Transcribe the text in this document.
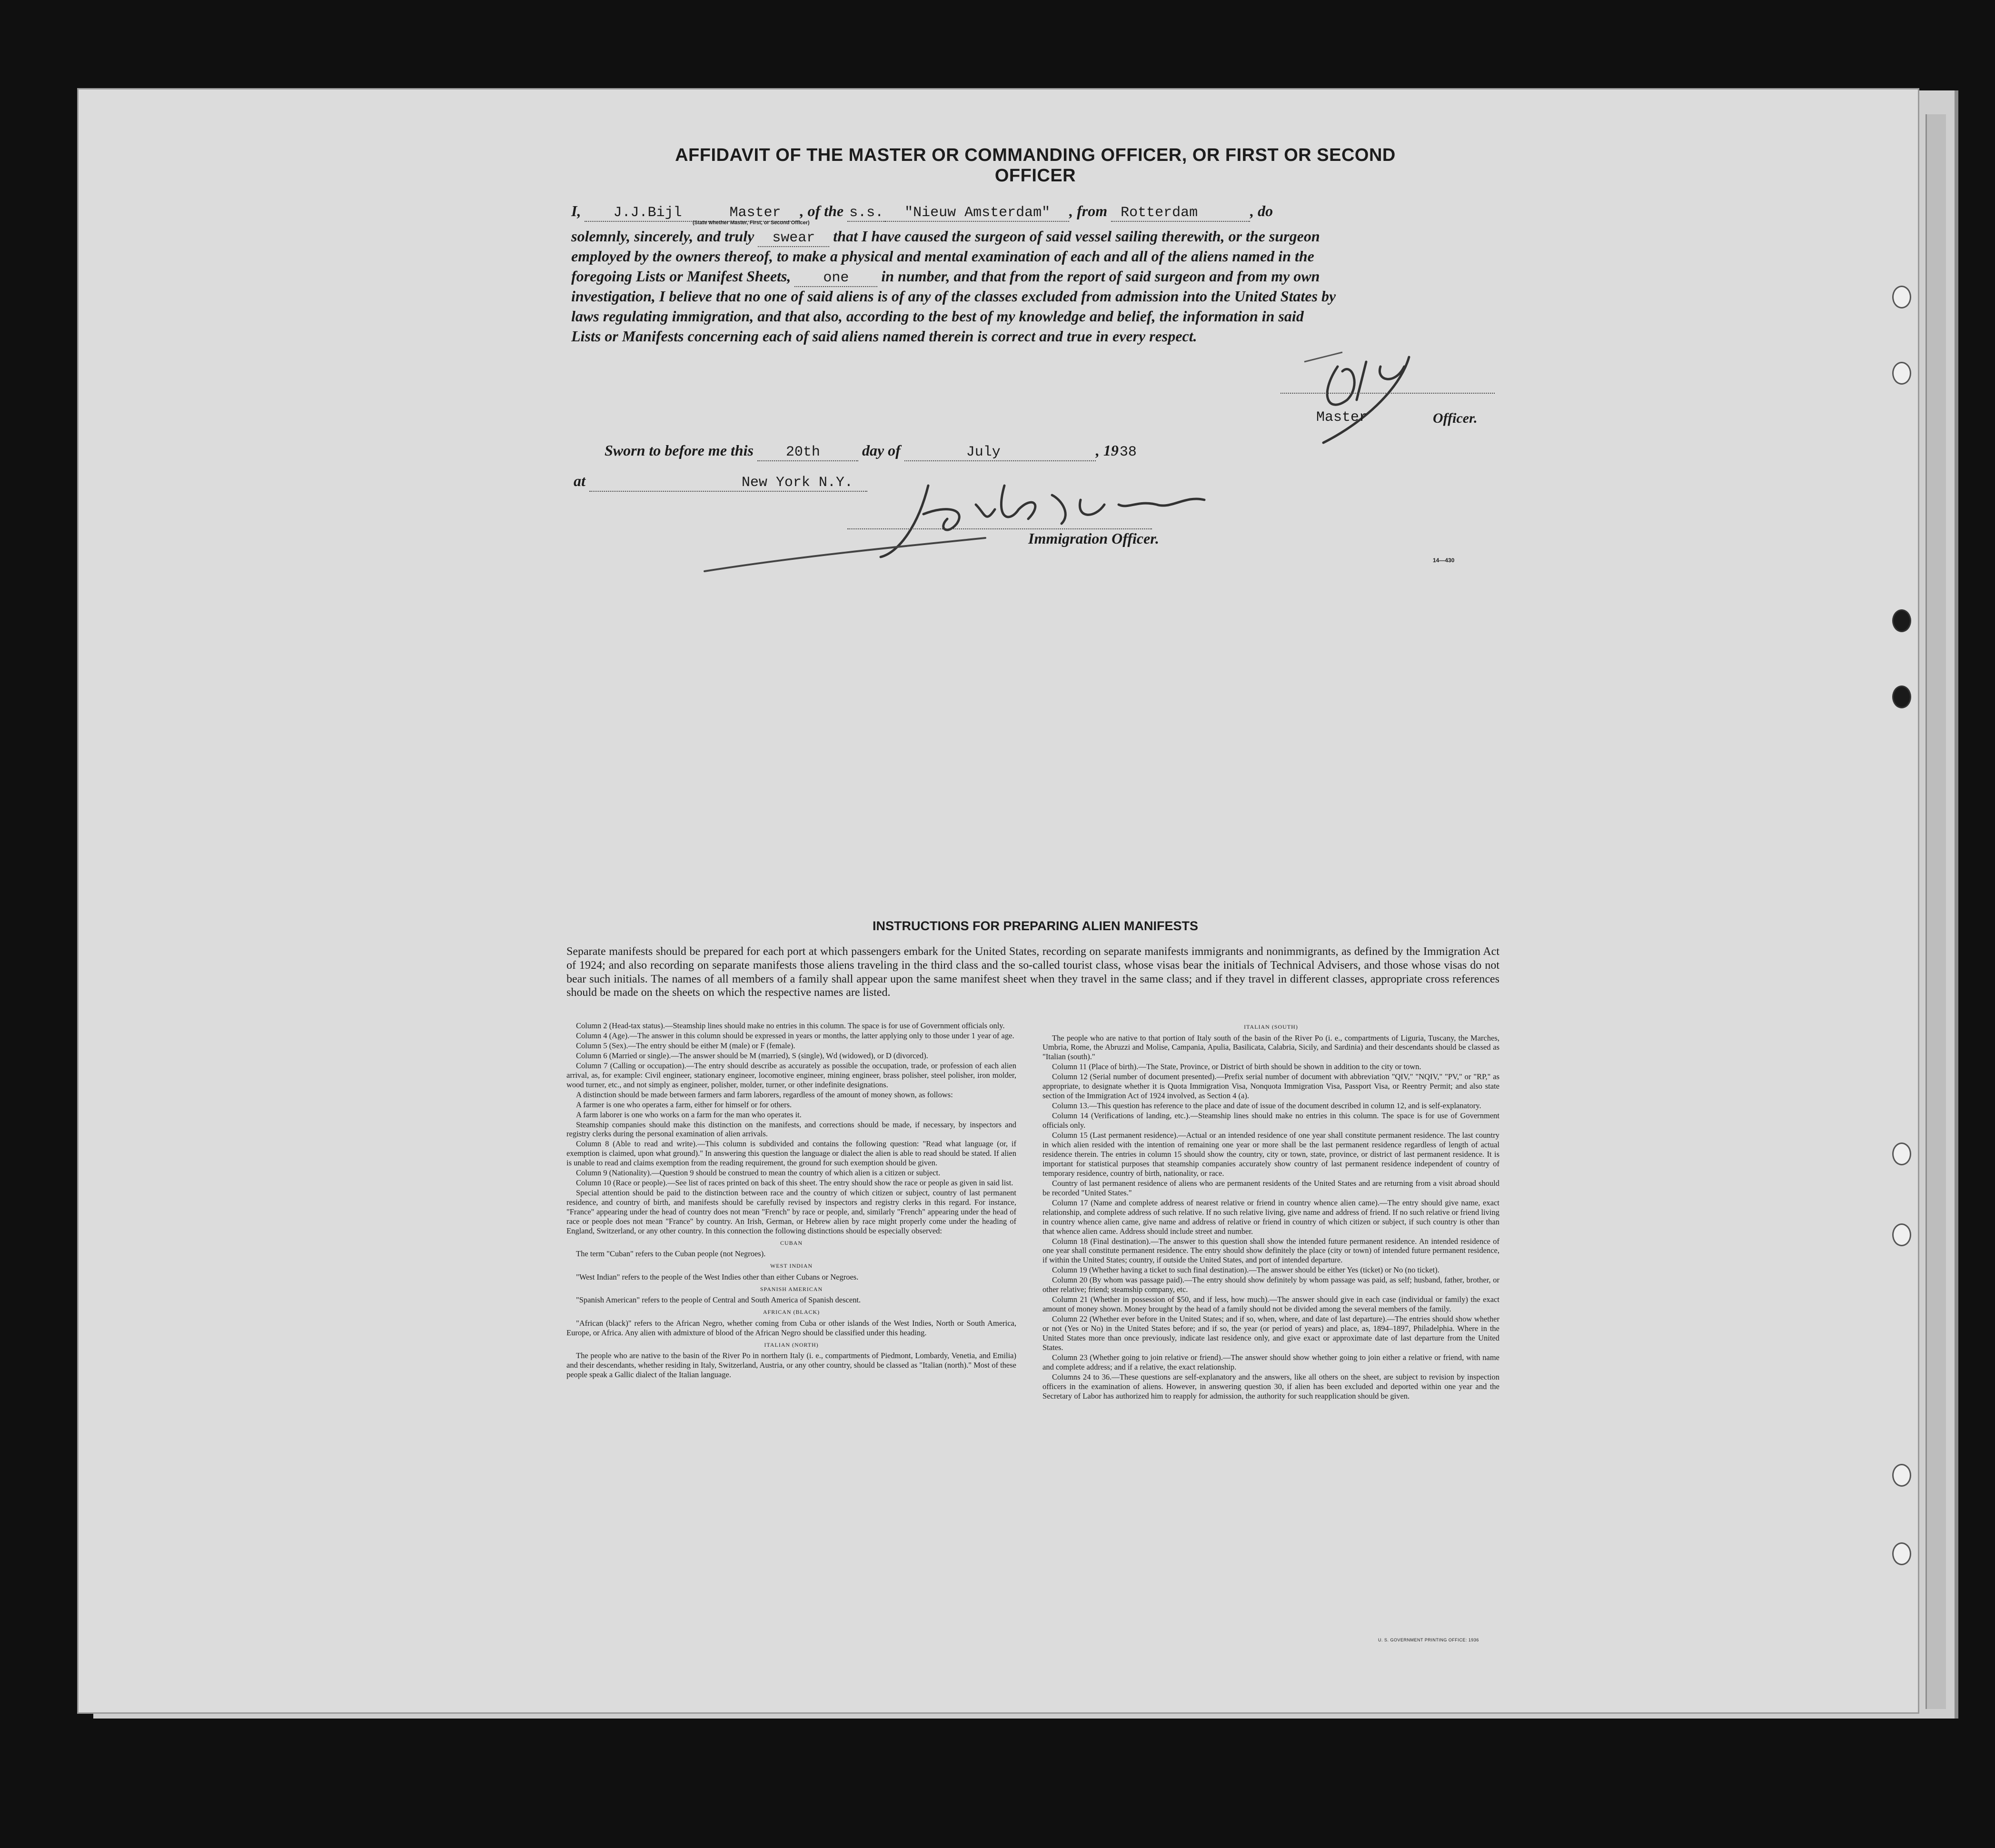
AFFIDAVIT OF THE MASTER OR COMMANDING OFFICER, OR FIRST OR SECOND OFFICER
I, J.J.Bijl	Master , of the s.s. "Nieuw Amsterdam" , from Rotterdam	, do
(State whether Master, First, or Second Officer)
solemnly, sincerely, and truly swear that I have caused the surgeon of said vessel sailing therewith, or the surgeon
employed by the owners thereof, to make a physical and mental examination of each and all of the aliens named in the
foregoing Lists or Manifest Sheets, one in number, and that from the report of said surgeon and from my own
investigation, I believe that no one of said aliens is of any of the classes excluded from admission into the United States by
laws regulating immigration, and that also, according to the best of my knowledge and belief, the information in said
Lists or Manifests concerning each of said aliens named therein is correct and true in every respect.
Master	Officer.
Sworn to before me this 20th	day of	July	, 1938
at	New York N.Y.
Immigration Officer.
14—430
INSTRUCTIONS FOR PREPARING ALIEN MANIFESTS
Separate manifests should be prepared for each port at which passengers embark for the United States, recording on separate manifests immigrants and nonimmigrants, as defined by the Immigration Act of 1924; and also recording on separate manifests those aliens traveling in the third class and the so-called tourist class, whose visas bear the initials of Technical Advisers, and those whose visas do not bear such initials. The names of all members of a family shall appear upon the same manifest sheet when they travel in the same class; and if they travel in different classes, appropriate cross references should be made on the sheets on which the respective names are listed.

Column 2 (Head-tax status).—Steamship lines should make no entries in this column. The space is for use of Government officials only.

Column 4 (Age).—The answer in this column should be expressed in years or months, the latter applying only to those under 1 year of age.

Column 5 (Sex).—The entry should be either M (male) or F (female).

Column 6 (Married or single).—The answer should be M (married), S (single), Wd (widowed), or D (divorced).

Column 7 (Calling or occupation).—The entry should describe as accurately as possible the occupation, trade, or profession of each alien arrival, as, for example: Civil engineer, stationary engineer, locomotive engineer, mining engineer, brass polisher, steel polisher, iron molder, wood turner, etc., and not simply as engineer, polisher, molder, turner, or other indefinite designations.

A distinction should be made between farmers and farm laborers, regardless of the amount of money shown, as follows:

A farmer is one who operates a farm, either for himself or for others.

A farm laborer is one who works on a farm for the man who operates it.

Steamship companies should make this distinction on the manifests, and corrections should be made, if necessary, by inspectors and registry clerks during the personal examination of alien arrivals.

Column 8 (Able to read and write).—This column is subdivided and contains the following question: "Read what language (or, if exemption is claimed, upon what ground)." In answering this question the language or dialect the alien is able to read should be stated. If alien is unable to read and claims exemption from the reading requirement, the ground for such exemption should be given.

Column 9 (Nationality).—Question 9 should be construed to mean the country of which alien is a citizen or subject.

Column 10 (Race or people).—See list of races printed on back of this sheet. The entry should show the race or people as given in said list.

Special attention should be paid to the distinction between race and the country of which citizen or subject, country of last permanent residence, and country of birth, and manifests should be carefully revised by inspectors and registry clerks in this regard. For instance, "France" appearing under the head of country does not mean "French" by race or people, and, similarly "French" appearing under the head of race or people does not mean "France" by country. An Irish, German, or Hebrew alien by race might properly come under the heading of England, Switzerland, or any other country. In this connection the following distinctions should be especially observed:

CUBAN

The term "Cuban" refers to the Cuban people (not Negroes).

WEST INDIAN

"West Indian" refers to the people of the West Indies other than either Cubans or Negroes.

SPANISH AMERICAN

"Spanish American" refers to the people of Central and South America of Spanish descent.

AFRICAN (BLACK)

"African (black)" refers to the African Negro, whether coming from Cuba or other islands of the West Indies, North or South America, Europe, or Africa. Any alien with admixture of blood of the African Negro should be classified under this heading.

ITALIAN (NORTH)

The people who are native to the basin of the River Po in northern Italy (i. e., compartments of Piedmont, Lombardy, Venetia, and Emilia) and their descendants, whether residing in Italy, Switzerland, Austria, or any other country, should be classed as "Italian (north)." Most of these people speak a Gallic dialect of the Italian language.

ITALIAN (SOUTH)

The people who are native to that portion of Italy south of the basin of the River Po (i. e., compartments of Liguria, Tuscany, the Marches, Umbria, Rome, the Abruzzi and Molise, Campania, Apulia, Basilicata, Calabria, Sicily, and Sardinia) and their descendants should be classed as "Italian (south)."

Column 11 (Place of birth).—The State, Province, or District of birth should be shown in addition to the city or town.

Column 12 (Serial number of document presented).—Prefix serial number of document with abbreviation "QIV," "NQIV," "PV," or "RP," as appropriate, to designate whether it is Quota Immigration Visa, Nonquota Immigration Visa, Passport Visa, or Reentry Permit; and also state section of the Immigration Act of 1924 involved, as Section 4 (a).

Column 13.—This question has reference to the place and date of issue of the document described in column 12, and is self-explanatory.

Column 14 (Verifications of landing, etc.).—Steamship lines should make no entries in this column. The space is for use of Government officials only.

Column 15 (Last permanent residence).—Actual or an intended residence of one year shall constitute permanent residence. The last country in which alien resided with the intention of remaining one year or more shall be the last permanent residence regardless of length of actual residence therein. The entries in column 15 should show the country, city or town, state, province, or district of last permanent residence. It is important for statistical purposes that steamship companies accurately show country of last permanent residence independent of country of temporary residence, country of birth, nationality, or race.

Country of last permanent residence of aliens who are permanent residents of the United States and are returning from a visit abroad should be recorded "United States."

Column 17 (Name and complete address of nearest relative or friend in country whence alien came).—The entry should give name, exact relationship, and complete address of such relative. If no such relative living, give name and address of friend. If no such relative or friend living in country whence alien came, give name and address of relative or friend in country of which citizen or subject, if such country is other than that whence alien came. Address should include street and number.

Column 18 (Final destination).—The answer to this question shall show the intended future permanent residence. An intended residence of one year shall constitute permanent residence. The entry should show definitely the place (city or town) of intended future permanent residence, if within the United States; country, if outside the United States, and port of intended departure.

Column 19 (Whether having a ticket to such final destination).—The answer should be either Yes (ticket) or No (no ticket).

Column 20 (By whom was passage paid).—The entry should show definitely by whom passage was paid, as self; husband, father, brother, or other relative; friend; steamship company, etc.

Column 21 (Whether in possession of $50, and if less, how much).—The answer should give in each case (individual or family) the exact amount of money shown. Money brought by the head of a family should not be divided among the several members of the family.

Column 22 (Whether ever before in the United States; and if so, when, where, and date of last departure).—The entries should show whether or not (Yes or No) in the United States before; and if so, the year (or period of years) and place, as, 1894–1897, Philadelphia. Where in the United States more than once previously, indicate last residence only, and give exact or approximate date of last departure from the United States.

Column 23 (Whether going to join relative or friend).—The answer should show whether going to join either a relative or friend, with name and complete address; and if a relative, the exact relationship.

Columns 24 to 36.—These questions are self-explanatory and the answers, like all others on the sheet, are subject to revision by inspection officers in the examination of aliens. However, in answering question 30, if alien has been excluded and deported within one year and the Secretary of Labor has authorized him to reapply for admission, the authority for such reapplication should be given.

U. S. GOVERNMENT PRINTING OFFICE: 1936
